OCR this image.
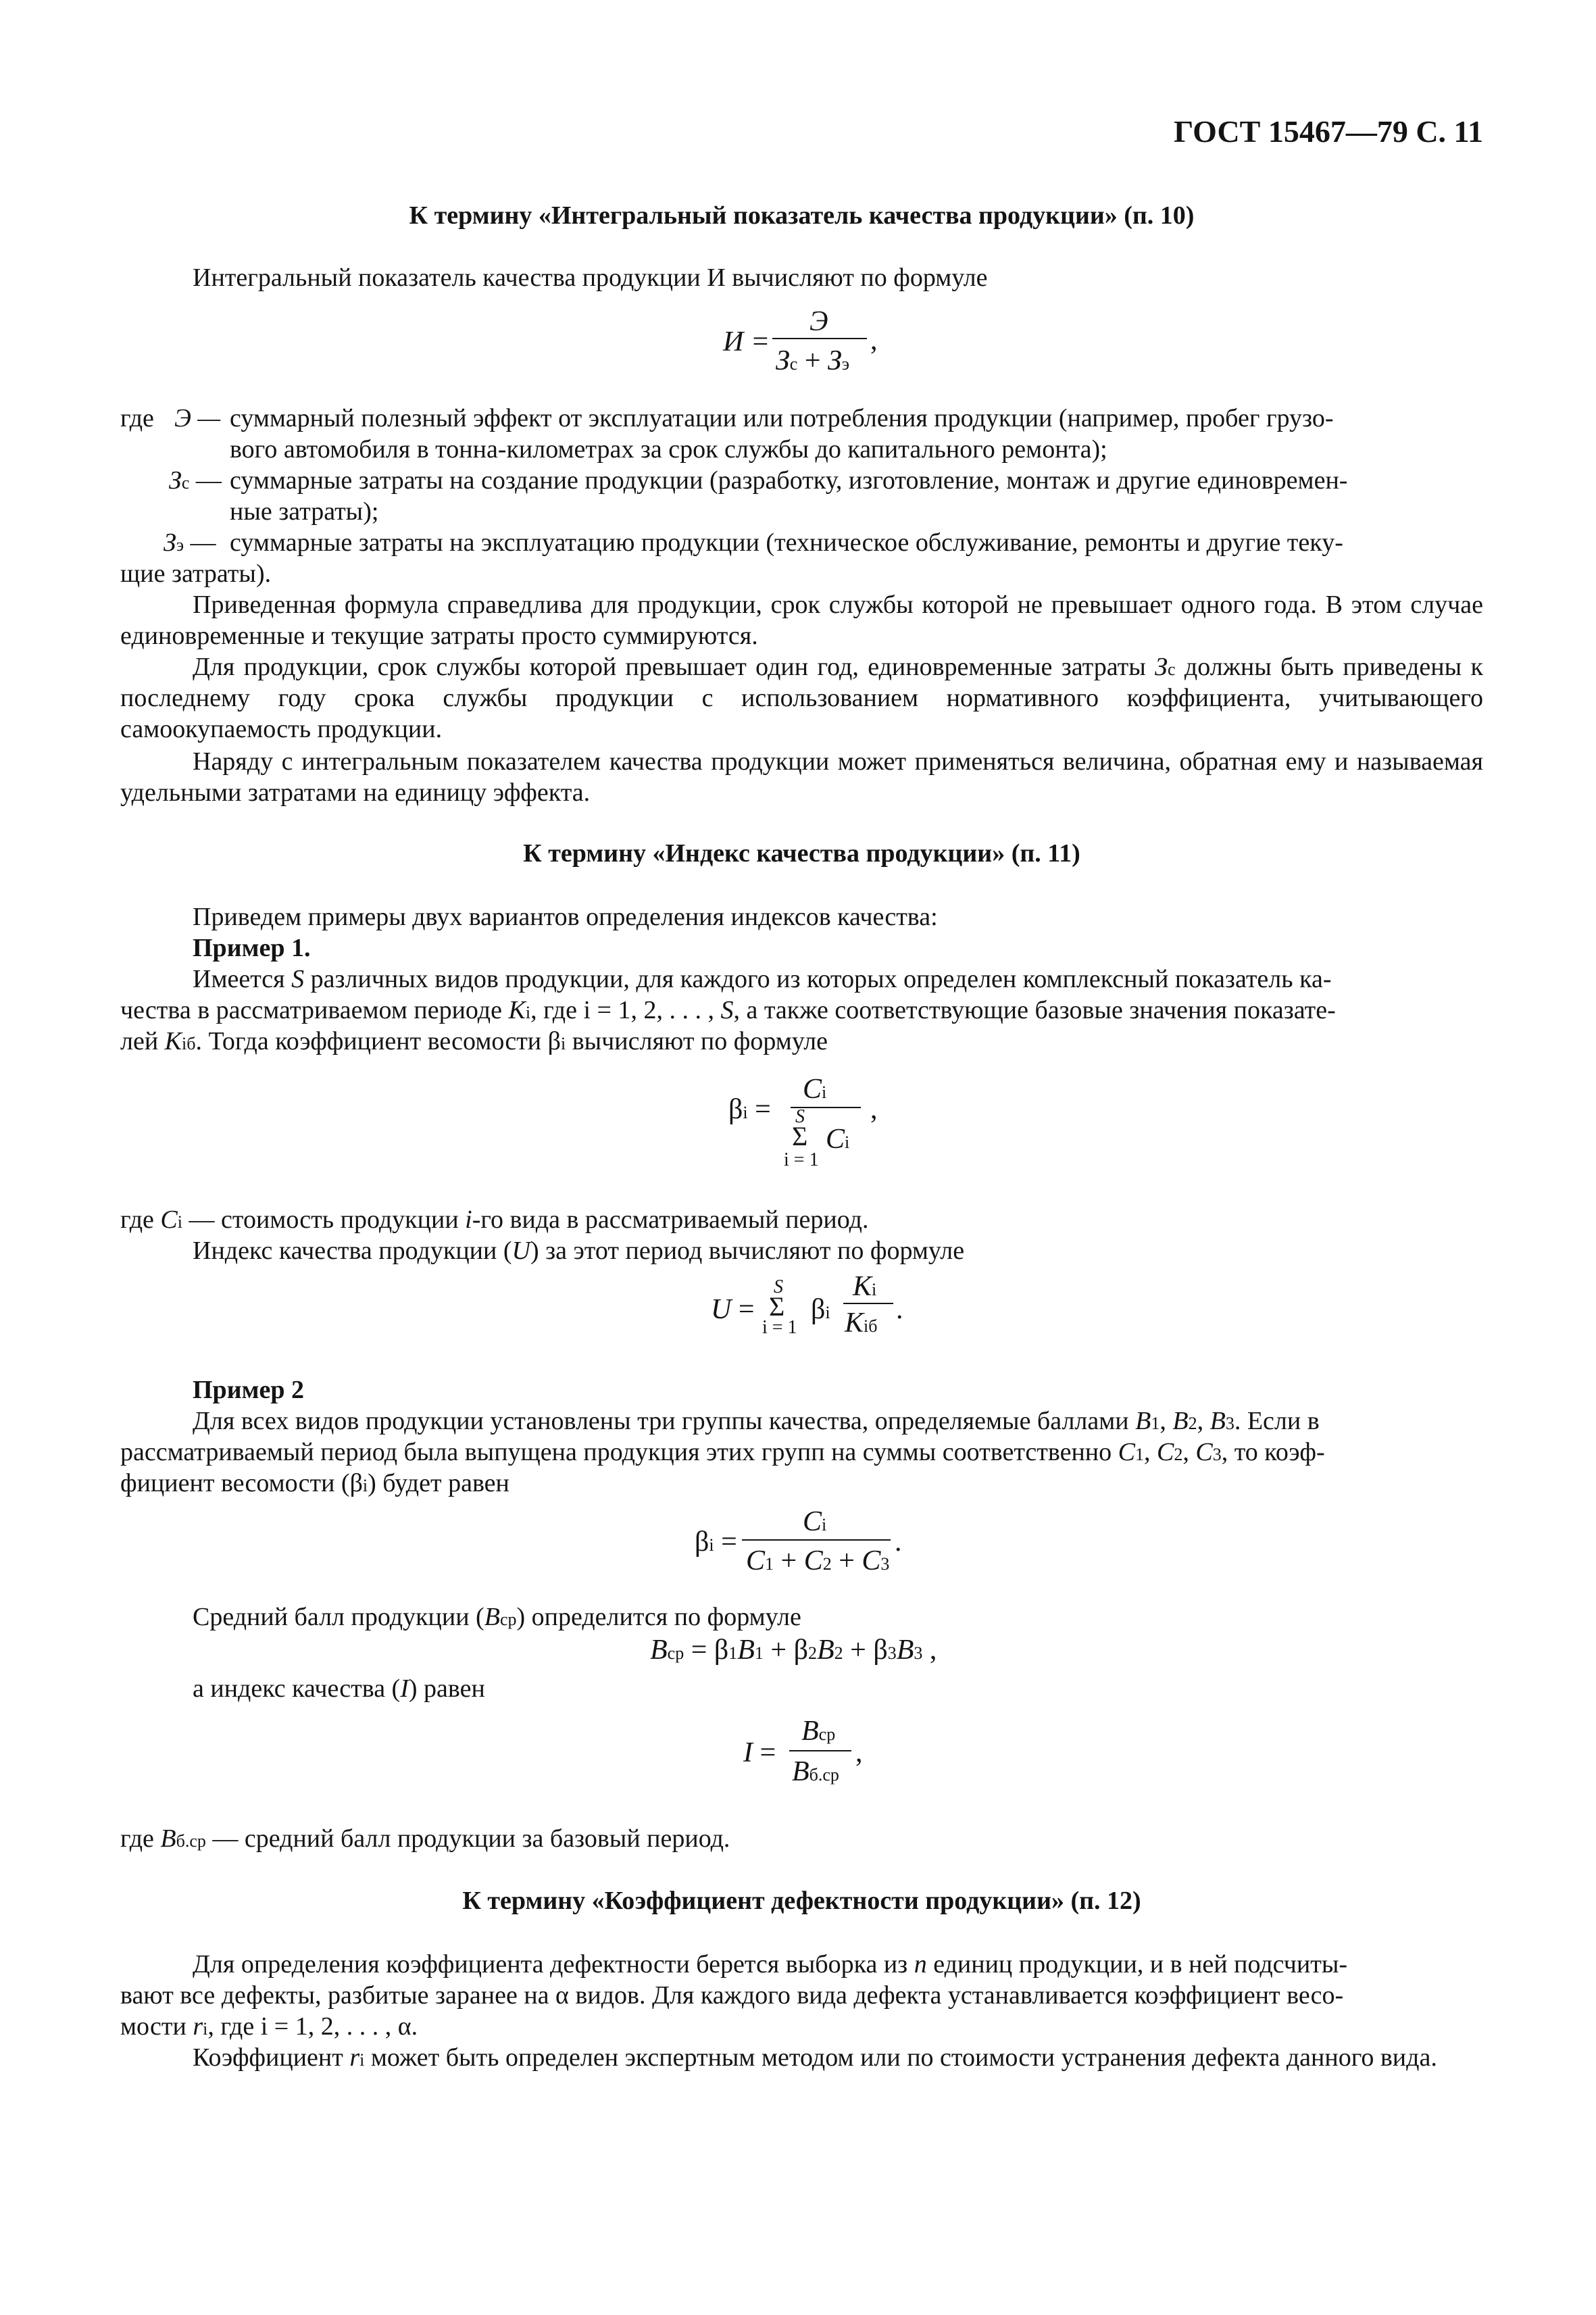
ГОСТ 15467—79 С. 11
К термину «Интегральный показатель качества продукции» (п. 10)
Интегральный показатель качества продукции И вычисляют по формуле
И =
Э
Зс + Зэ
,
где Э — суммарный полезный эффект от эксплуатации или потребления продукции (например, пробег грузо-
вого автомобиля в тонна-километрах за срок службы до капитального ремонта);
Зс — суммарные затраты на создание продукции (разработку, изготовление, монтаж и другие единовремен-
ные затраты);
Зэ — суммарные затраты на эксплуатацию продукции (техническое обслуживание, ремонты и другие теку-
щие затраты).
Приведенная формула справедлива для продукции, срок службы которой не превышает одного года. В этом случае единовременные и текущие затраты просто суммируются.
Для продукции, срок службы которой превышает один год, единовременные затраты Зс должны быть приведены к последнему году срока службы продукции с использованием нормативного коэффициента, учитывающего самоокупаемость продукции.
Наряду с интегральным показателем качества продукции может применяться величина, обратная ему и называемая удельными затратами на единицу эффекта.
К термину «Индекс качества продукции» (п. 11)
Приведем примеры двух вариантов определения индексов качества:
Пример 1.
Имеется S различных видов продукции, для каждого из которых определен комплексный показатель ка-
чества в рассматриваемом периоде Ki, где i = 1, 2, . . . , S, а также соответствующие базовые значения показате-
лей Kiб. Тогда коэффициент весомости βi вычисляют по формуле
βi =
Ci
S
Σ
i = 1
Ci
,
где Ci — стоимость продукции i-го вида в рассматриваемый период.
Индекс качества продукции (U) за этот период вычисляют по формуле
U =
S
Σ
i = 1
βi
Ki
Kiб
.
Пример 2
Для всех видов продукции установлены три группы качества, определяемые баллами B1, B2, B3. Если в
рассматриваемый период была выпущена продукция этих групп на суммы соответственно C1, C2, C3, то коэф-
фициент весомости (βi) будет равен
βi =
Ci
C1 + C2 + C3
.
Средний балл продукции (Bср) определится по формуле
Bср = β1B1 + β2B2 + β3B3 ,
а индекс качества (I) равен
I =
Bср
Bб.ср
,
где Bб.ср — средний балл продукции за базовый период.
К термину «Коэффициент дефектности продукции» (п. 12)
Для определения коэффициента дефектности берется выборка из n единиц продукции, и в ней подсчиты-
вают все дефекты, разбитые заранее на α видов. Для каждого вида дефекта устанавливается коэффициент весо-
мости ri, где i = 1, 2, . . . , α.
Коэффициент ri может быть определен экспертным методом или по стоимости устранения дефекта данного вида.
